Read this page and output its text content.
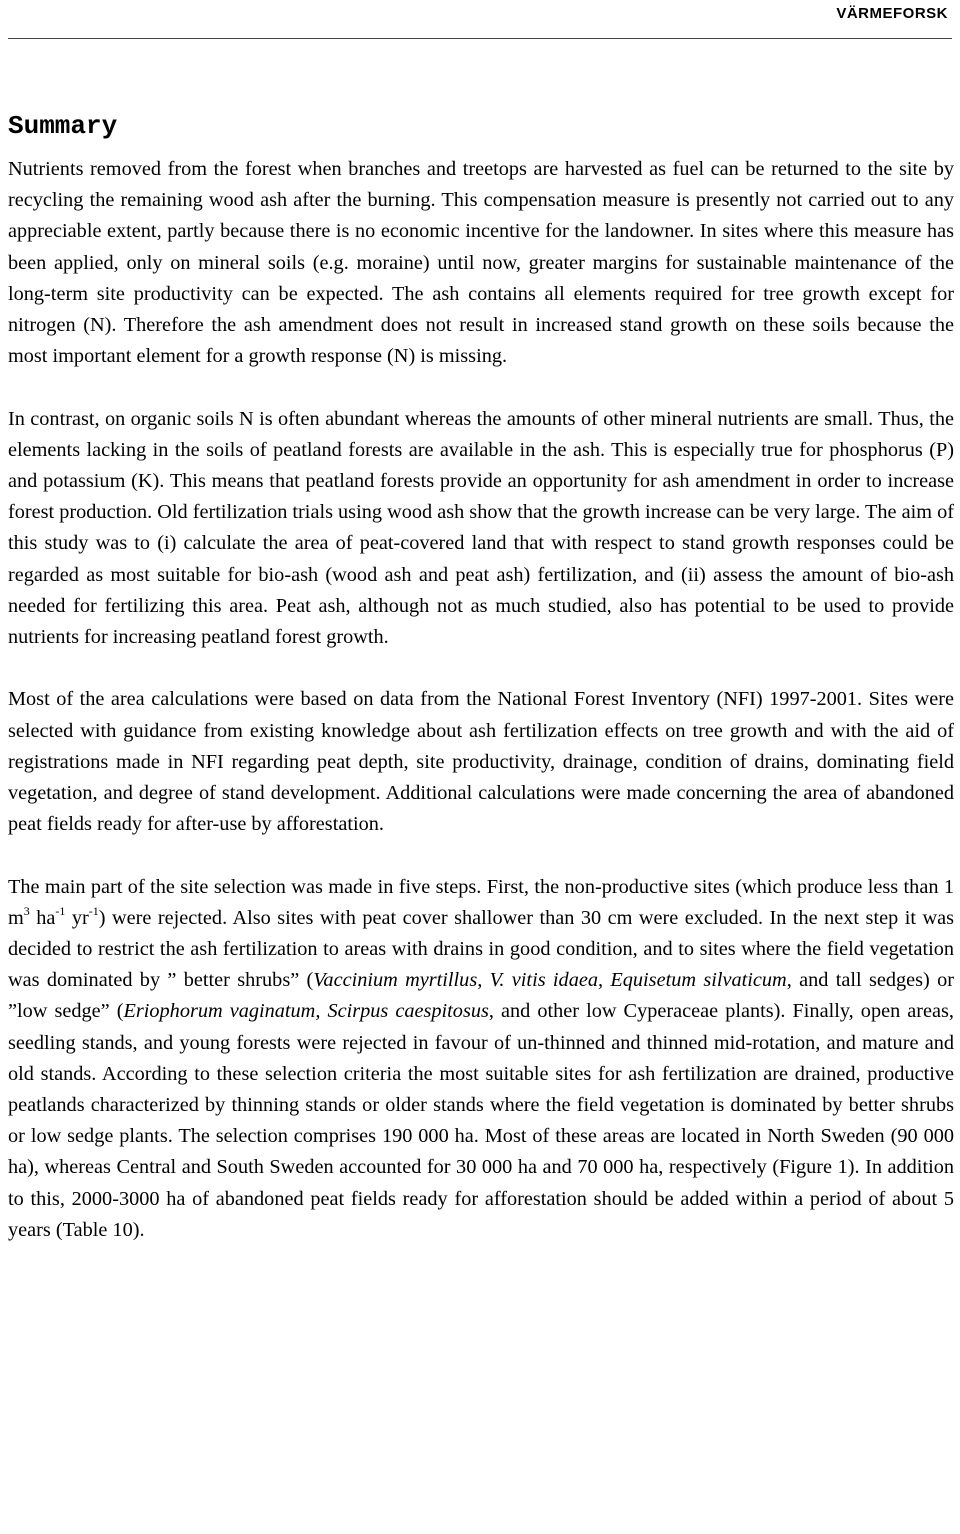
VÄRMEFORSK
Summary

Nutrients removed from the forest when branches and treetops are harvested as fuel can be returned to the site by recycling the remaining wood ash after the burning. This compensation measure is presently not carried out to any appreciable extent, partly because there is no economic incentive for the landowner. In sites where this measure has been applied, only on mineral soils (e.g. moraine) until now, greater margins for sustainable maintenance of the long-term site productivity can be expected. The ash contains all elements required for tree growth except for nitrogen (N). Therefore the ash amendment does not result in increased stand growth on these soils because the most important element for a growth response (N) is missing.

In contrast, on organic soils N is often abundant whereas the amounts of other mineral nutrients are small. Thus, the elements lacking in the soils of peatland forests are available in the ash. This is especially true for phosphorus (P) and potassium (K). This means that peatland forests provide an opportunity for ash amendment in order to increase forest production. Old fertilization trials using wood ash show that the growth increase can be very large. The aim of this study was to (i) calculate the area of peat-covered land that with respect to stand growth responses could be regarded as most suitable for bio-ash (wood ash and peat ash) fertilization, and (ii) assess the amount of bio-ash needed for fertilizing this area. Peat ash, although not as much studied, also has potential to be used to provide nutrients for increasing peatland forest growth.

Most of the area calculations were based on data from the National Forest Inventory (NFI) 1997-2001. Sites were selected with guidance from existing knowledge about ash fertilization effects on tree growth and with the aid of registrations made in NFI regarding peat depth, site productivity, drainage, condition of drains, dominating field vegetation, and degree of stand development. Additional calculations were made concerning the area of abandoned peat fields ready for after-use by afforestation.

The main part of the site selection was made in five steps. First, the non-productive sites (which produce less than 1 $m^3$ $ha^{-1}$ $yr^{-1}$) were rejected. Also sites with peat cover shallower than 30 cm were excluded. In the next step it was decided to restrict the ash fertilization to areas with drains in good condition, and to sites where the field vegetation was dominated by ” better shrubs” (Vaccinium myrtillus, V. vitis idaea, Equisetum silvaticum, and tall sedges) or ”low sedge” (Eriophorum vaginatum, Scirpus caespitosus, and other low Cyperaceae plants). Finally, open areas, seedling stands, and young forests were rejected in favour of un-thinned and thinned mid-rotation, and mature and old stands. According to these selection criteria the most suitable sites for ash fertilization are drained, productive peatlands characterized by thinning stands or older stands where the field vegetation is dominated by better shrubs or low sedge plants. The selection comprises 190 000 ha. Most of these areas are located in North Sweden (90 000 ha), whereas Central and South Sweden accounted for 30 000 ha and 70 000 ha, respectively (Figure 1). In addition to this, 2000-3000 ha of abandoned peat fields ready for afforestation should be added within a period of about 5 years (Table 10).
